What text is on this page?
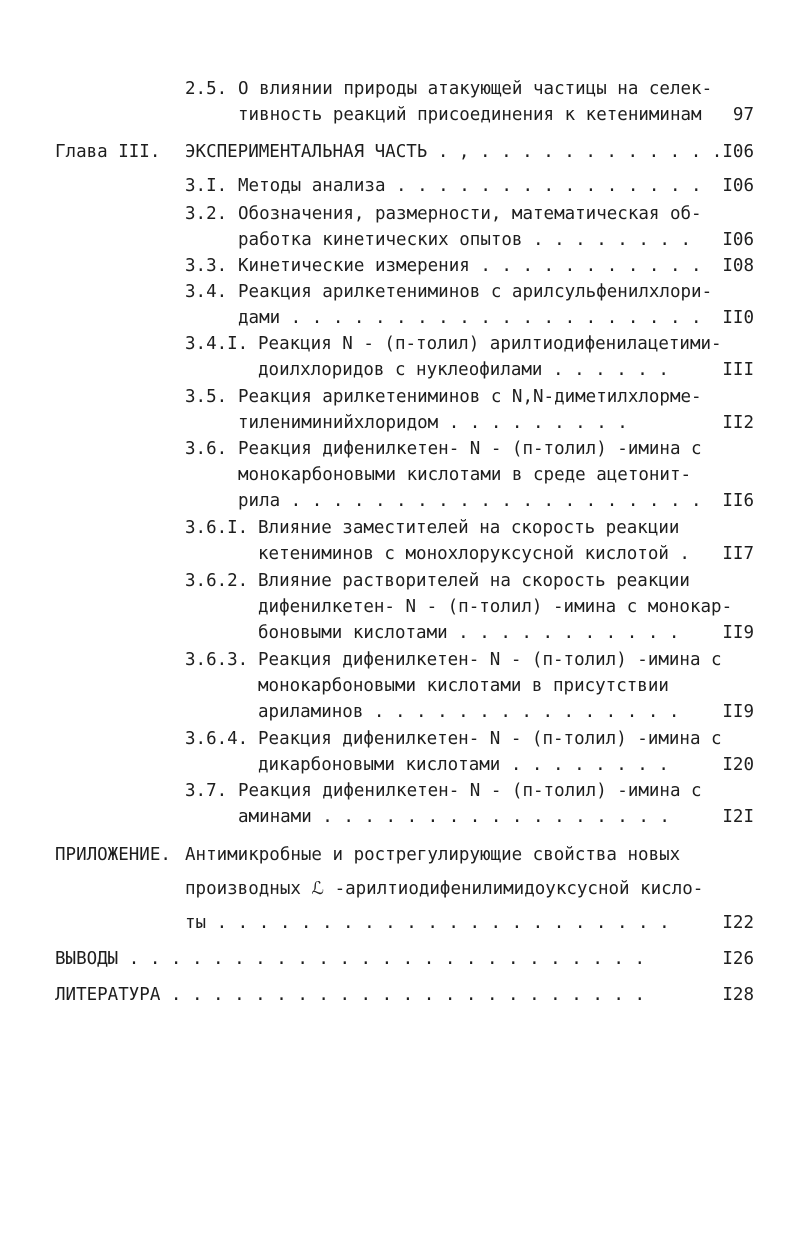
2.5. О влиянии природы атакующей частицы на селек-
тивность реакций присоединения к кетениминам	97
Глава III. ЭКСПЕРИМЕНТАЛЬНАЯ ЧАСТЬ . , . . . . . . . . . . . . I06
3.I. Методы анализа . . . . . . . . . . . . . . .	I06
3.2. Обозначения, размерности, математическая об-
работка кинетических опытов . . . . . . . .	I06
3.3. Кинетические измерения . . . . . . . . . . .	I08
3.4. Реакция арилкетениминов с арилсульфенилхлори-
дами . . . . . . . . . . . . . . . . . . . .	II0
3.4.I. Реакция N - (п-толил) арилтиодифенилацетими-
доилхлоридов с нуклеофилами . . . . . .	III
3.5. Реакция арилкетениминов с N,N-диметилхлорме-
тилениминийхлоридом . . . . . . . . .	II2
3.6. Реакция дифенилкетен- N - (п-толил) -имина с
монокарбоновыми кислотами в среде ацетонит-
рила . . . . . . . . . . . . . . . . . . . .	II6
3.6.I. Влияние заместителей на скорость реакции
кетениминов с монохлоруксусной кислотой .	II7
3.6.2. Влияние растворителей на скорость реакции
дифенилкетен- N - (п-толил) -имина с монокар-
боновыми кислотами . . . . . . . . . . .	II9
3.6.3. Реакция дифенилкетен- N - (п-толил) -имина с
монокарбоновыми кислотами в присутствии
ариламинов . . . . . . . . . . . . . . .	II9
3.6.4. Реакция дифенилкетен- N - (п-толил) -имина с
дикарбоновыми кислотами . . . . . . . .	I20
3.7. Реакция дифенилкетен- N - (п-толил) -имина с
аминами . . . . . . . . . . . . . . . . .	I2I
ПРИЛОЖЕНИЕ. Антимикробные и рострегулирующие свойства новых
производных ℒ -арилтиодифенилимидоуксусной кисло-
ты . . . . . . . . . . . . . . . . . . . . . .	I22
ВЫВОДЫ . . . . . . . . . . . . . . . . . . . . . . . . .	I26
ЛИТЕРАТУРА . . . . . . . . . . . . . . . . . . . . . . .	I28
